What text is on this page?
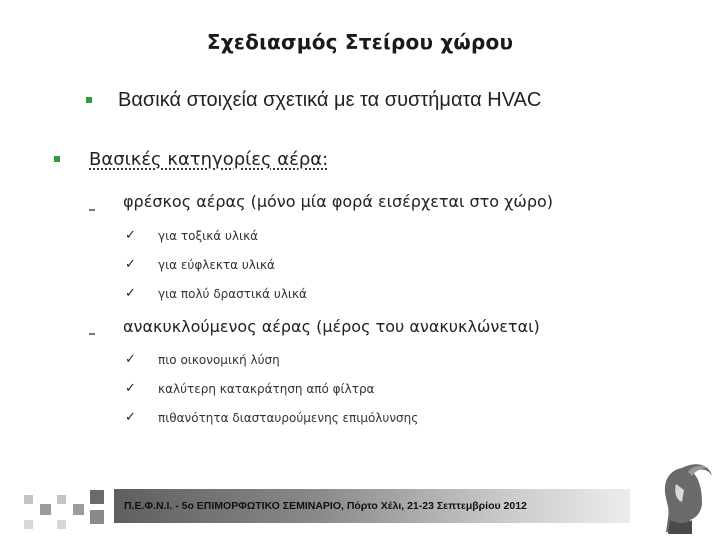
Σχεδιασμός Στείρου χώρου
Βασικά στοιχεία σχετικά με τα συστήματα HVAC
Βασικές κατηγορίες αέρα:
φρέσκος αέρας (μόνο μία φορά εισέρχεται στο χώρο)
✓ για τοξικά υλικά
✓ για εύφλεκτα υλικά
✓ για πολύ δραστικά υλικά
ανακυκλούμενος αέρας (μέρος του ανακυκλώνεται)
✓ πιο οικονομική λύση
✓ καλύτερη κατακράτηση από φίλτρα
✓ πιθανότητα διασταυρούμενης επιμόλυνσης
Π.Ε.Φ.Ν.Ι. - 5ο ΕΠΙΜΟΡΦΩΤΙΚΟ ΣΕΜΙΝΑΡΙΟ, Πόρτο Χέλι, 21-23 Σεπτεμβρίου 2012
